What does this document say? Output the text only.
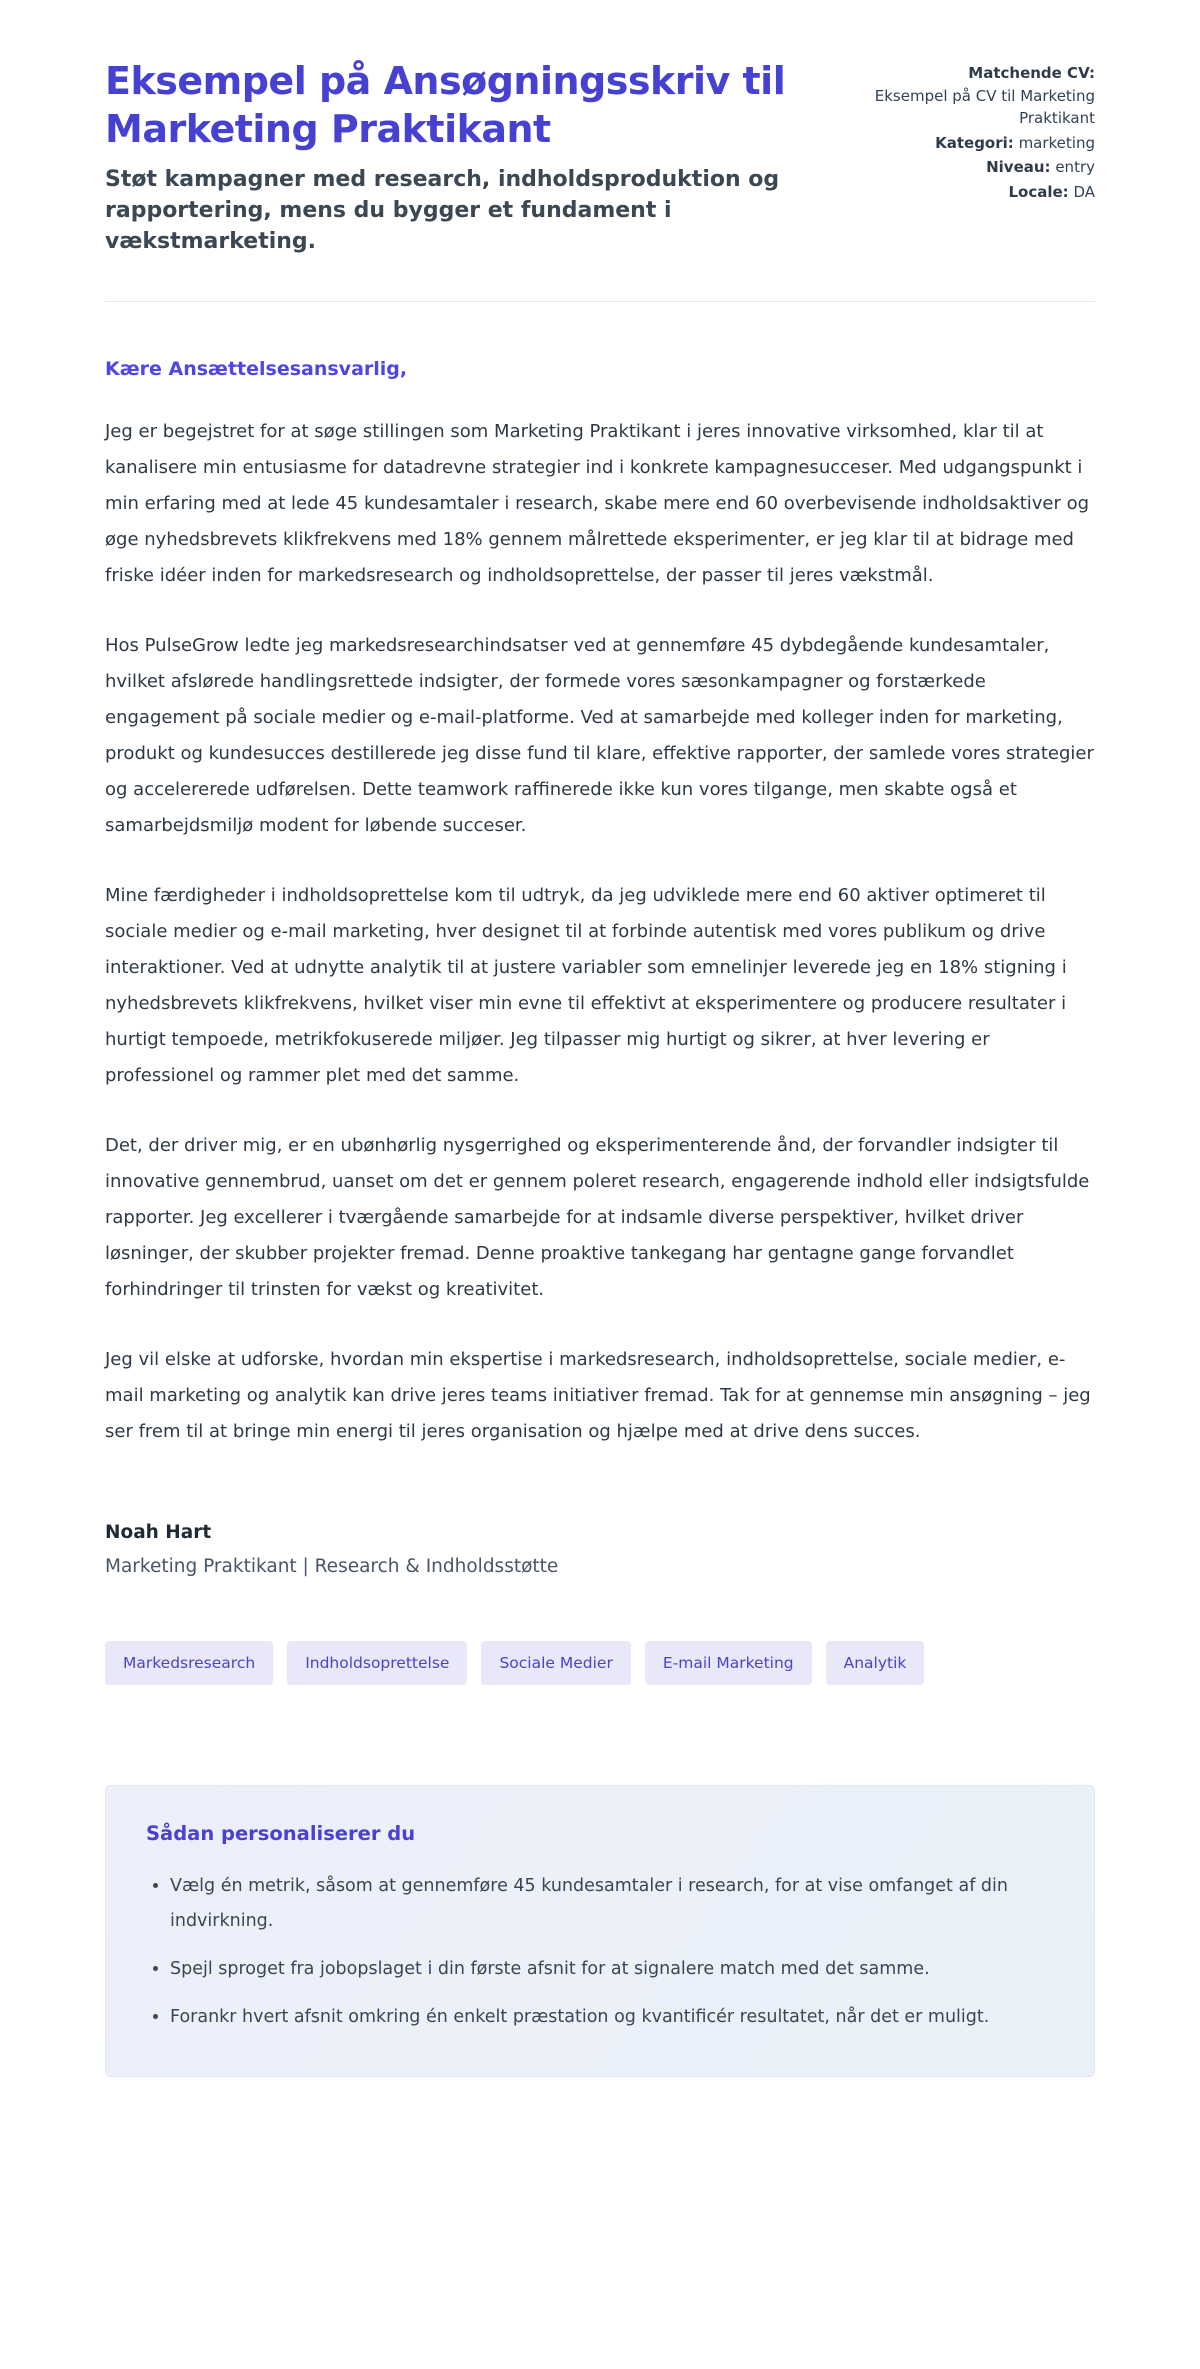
Eksempel på Ansøgningsskriv til Marketing Praktikant

Støt kampagner med research, indholdsproduktion og rapportering, mens du bygger et fundament i vækstmarketing.

Matchende CV:
Eksempel på CV til Marketing Praktikant
Kategori: marketing
Niveau: entry
Locale: DA

Kære Ansættelsesansvarlig,

Jeg er begejstret for at søge stillingen som Marketing Praktikant i jeres innovative virksomhed, klar til at kanalisere min entusiasme for datadrevne strategier ind i konkrete kampagnesucceser. Med udgangspunkt i min erfaring med at lede 45 kundesamtaler i research, skabe mere end 60 overbevisende indholdsaktiver og øge nyhedsbrevets klikfrekvens med 18% gennem målrettede eksperimenter, er jeg klar til at bidrage med friske idéer inden for markedsresearch og indholdsoprettelse, der passer til jeres vækstmål.

Hos PulseGrow ledte jeg markedsresearchindsatser ved at gennemføre 45 dybdegående kundesamtaler, hvilket afslørede handlingsrettede indsigter, der formede vores sæsonkampagner og forstærkede engagement på sociale medier og e-mail-platforme. Ved at samarbejde med kolleger inden for marketing, produkt og kundesucces destillerede jeg disse fund til klare, effektive rapporter, der samlede vores strategier og accelererede udførelsen. Dette teamwork raffinerede ikke kun vores tilgange, men skabte også et samarbejdsmiljø modent for løbende succeser.

Mine færdigheder i indholdsoprettelse kom til udtryk, da jeg udviklede mere end 60 aktiver optimeret til sociale medier og e-mail marketing, hver designet til at forbinde autentisk med vores publikum og drive interaktioner. Ved at udnytte analytik til at justere variabler som emnelinjer leverede jeg en 18% stigning i nyhedsbrevets klikfrekvens, hvilket viser min evne til effektivt at eksperimentere og producere resultater i hurtigt tempoede, metrikfokuserede miljøer. Jeg tilpasser mig hurtigt og sikrer, at hver levering er professionel og rammer plet med det samme.

Det, der driver mig, er en ubønhørlig nysgerrighed og eksperimenterende ånd, der forvandler indsigter til innovative gennembrud, uanset om det er gennem poleret research, engagerende indhold eller indsigtsfulde rapporter. Jeg excellerer i tværgående samarbejde for at indsamle diverse perspektiver, hvilket driver løsninger, der skubber projekter fremad. Denne proaktive tankegang har gentagne gange forvandlet forhindringer til trinsten for vækst og kreativitet.

Jeg vil elske at udforske, hvordan min ekspertise i markedsresearch, indholdsoprettelse, sociale medier, e-mail marketing og analytik kan drive jeres teams initiativer fremad. Tak for at gennemse min ansøgning – jeg ser frem til at bringe min energi til jeres organisation og hjælpe med at drive dens succes.

Noah Hart
Marketing Praktikant | Research & Indholdsstøtte
Markedsresearch	Indholdsoprettelse	Sociale Medier	E-mail Marketing	Analytik
Sådan personaliserer du
• Vælg én metrik, såsom at gennemføre 45 kundesamtaler i research, for at vise omfanget af din indvirkning.
• Spejl sproget fra jobopslaget i din første afsnit for at signalere match med det samme.
• Forankr hvert afsnit omkring én enkelt præstation og kvantificér resultatet, når det er muligt.
